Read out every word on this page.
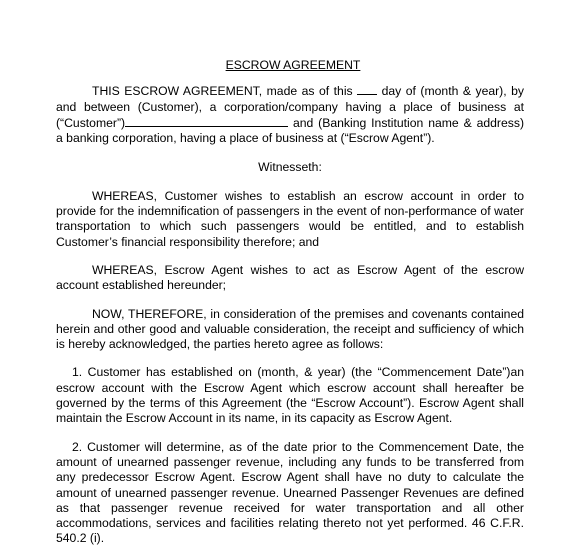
ESCROW AGREEMENT

THIS ESCROW AGREEMENT, made as of this  day of (month & year), by and between (Customer), a corporation/company having a place of business at (“Customer”)	and (Banking Institution name & address) a banking corporation, having a place of business at (“Escrow Agent”).

Witnesseth:

WHEREAS, Customer wishes to establish an escrow account in order to provide for the indemnification of passengers in the event of non-performance of water transportation to which such passengers would be entitled, and to establish Customer’s financial responsibility therefore; and

WHEREAS, Escrow Agent wishes to act as Escrow Agent of the escrow account established hereunder;

NOW, THEREFORE, in consideration of the premises and covenants contained herein and other good and valuable consideration, the receipt and sufficiency of which is hereby acknowledged, the parties hereto agree as follows:

1. Customer has established on (month, & year) (the “Commencement Date”)an escrow account with the Escrow Agent which escrow account shall hereafter be governed by the terms of this Agreement (the “Escrow Account”). Escrow Agent shall maintain the Escrow Account in its name, in its capacity as Escrow Agent.

2. Customer will determine, as of the date prior to the Commencement Date, the amount of unearned passenger revenue, including any funds to be transferred from any predecessor Escrow Agent. Escrow Agent shall have no duty to calculate the amount of unearned passenger revenue. Unearned Passenger Revenues are defined as that passenger revenue received for water transportation and all other accommodations, services and facilities relating thereto not yet performed. 46 C.F.R. 540.2 (i).
